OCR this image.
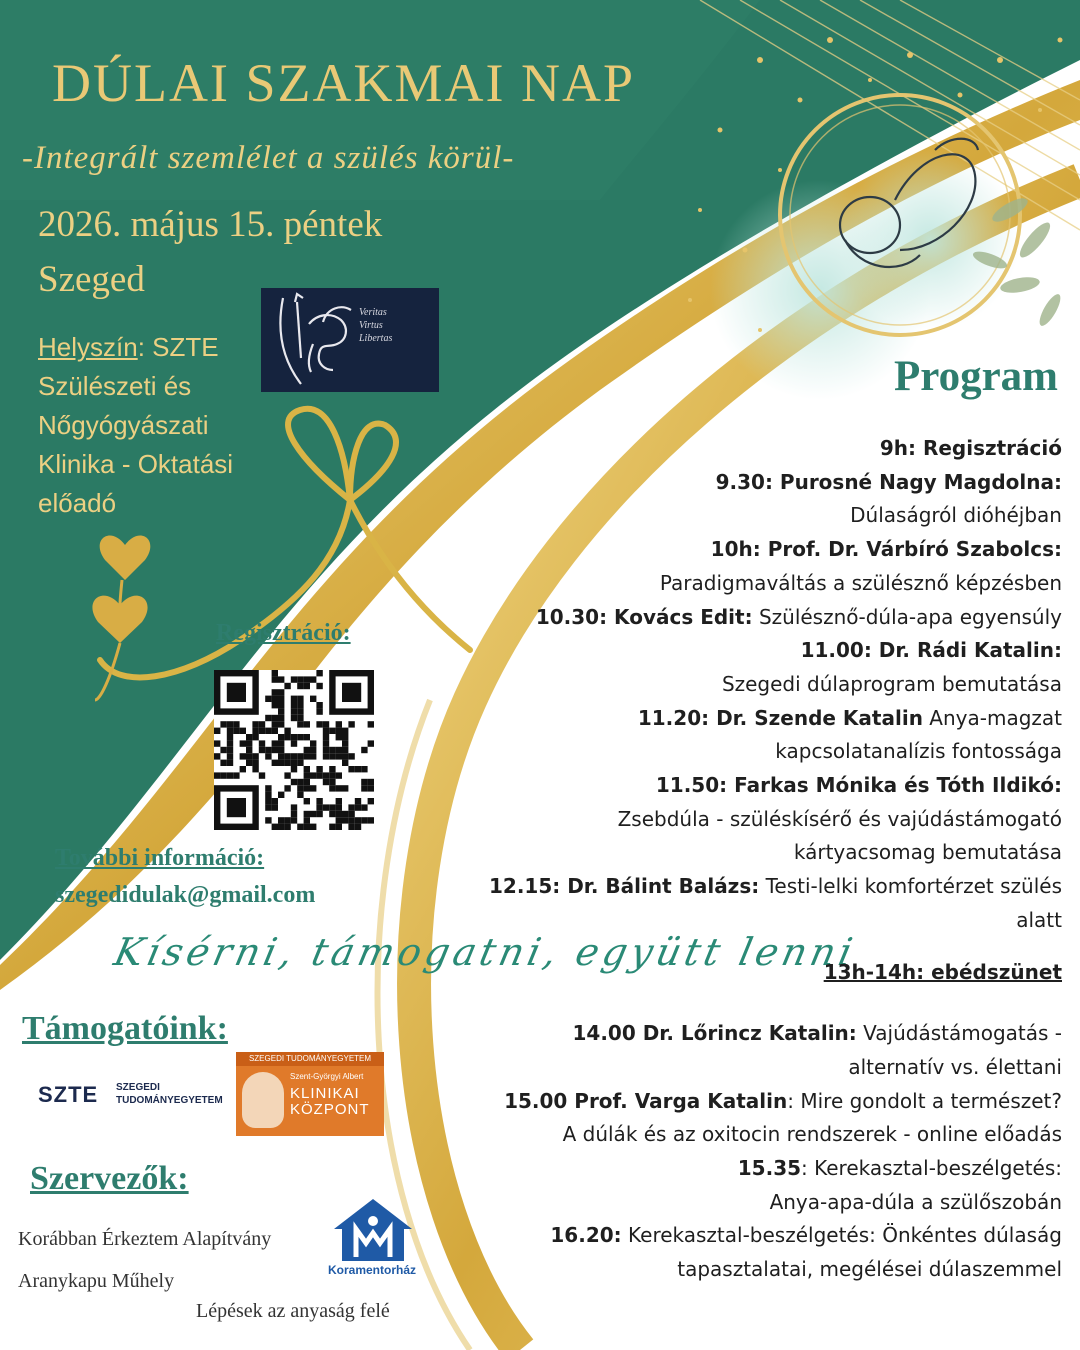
DÚLAI SZAKMAI NAP
-Integrált szemlélet a szülés körül-
2026. május 15. péntek
Szeged
Helyszín: SZTE Szülészeti és Nőgyógyászati Klinika - Oktatási előadó
Veritas
Virtus
Libertas
Regisztráció:
További információ:
szegedidulak@gmail.com
Kísérni, támogatni, együtt lenni
Támogatóink:
SZTE SZEGEDI
TUDOMÁNYEGYETEM
SZEGEDI TUDOMÁNYEGYETEM
Szent-Györgyi Albert
KLINIKAI
KÖZPONT
Szervezők:
Korábban Érkeztem Alapítvány
Aranykapu Műhely
Lépések az anyaság felé
Koramentorház
Program
9h: Regisztráció
9.30: Purosné Nagy Magdolna:
Dúlaságról dióhéjban
10h: Prof. Dr. Várbíró Szabolcs:
Paradigmaváltás a szülésznő képzésben
10.30: Kovács Edit: Szülésznő-dúla-apa egyensúly
11.00: Dr. Rádi Katalin:
Szegedi dúlaprogram bemutatása
11.20: Dr. Szende Katalin Anya-magzat
kapcsolatanalízis fontossága
11.50: Farkas Mónika és Tóth Ildikó:
Zsebdúla - szüléskísérő és vajúdástámogató
kártyacsomag bemutatása
12.15: Dr. Bálint Balázs: Testi-lelki komfortérzet szülés
alatt
13h-14h: ebédszünet
14.00 Dr. Lőrincz Katalin: Vajúdástámogatás -
alternatív vs. élettani
15.00 Prof. Varga Katalin: Mire gondolt a természet?
A dúlák és az oxitocin rendszerek - online előadás
15.35: Kerekasztal-beszélgetés:
Anya-apa-dúla a szülőszobán
16.20: Kerekasztal-beszélgetés: Önkéntes dúlaság
tapasztalatai, megélései dúlaszemmel
